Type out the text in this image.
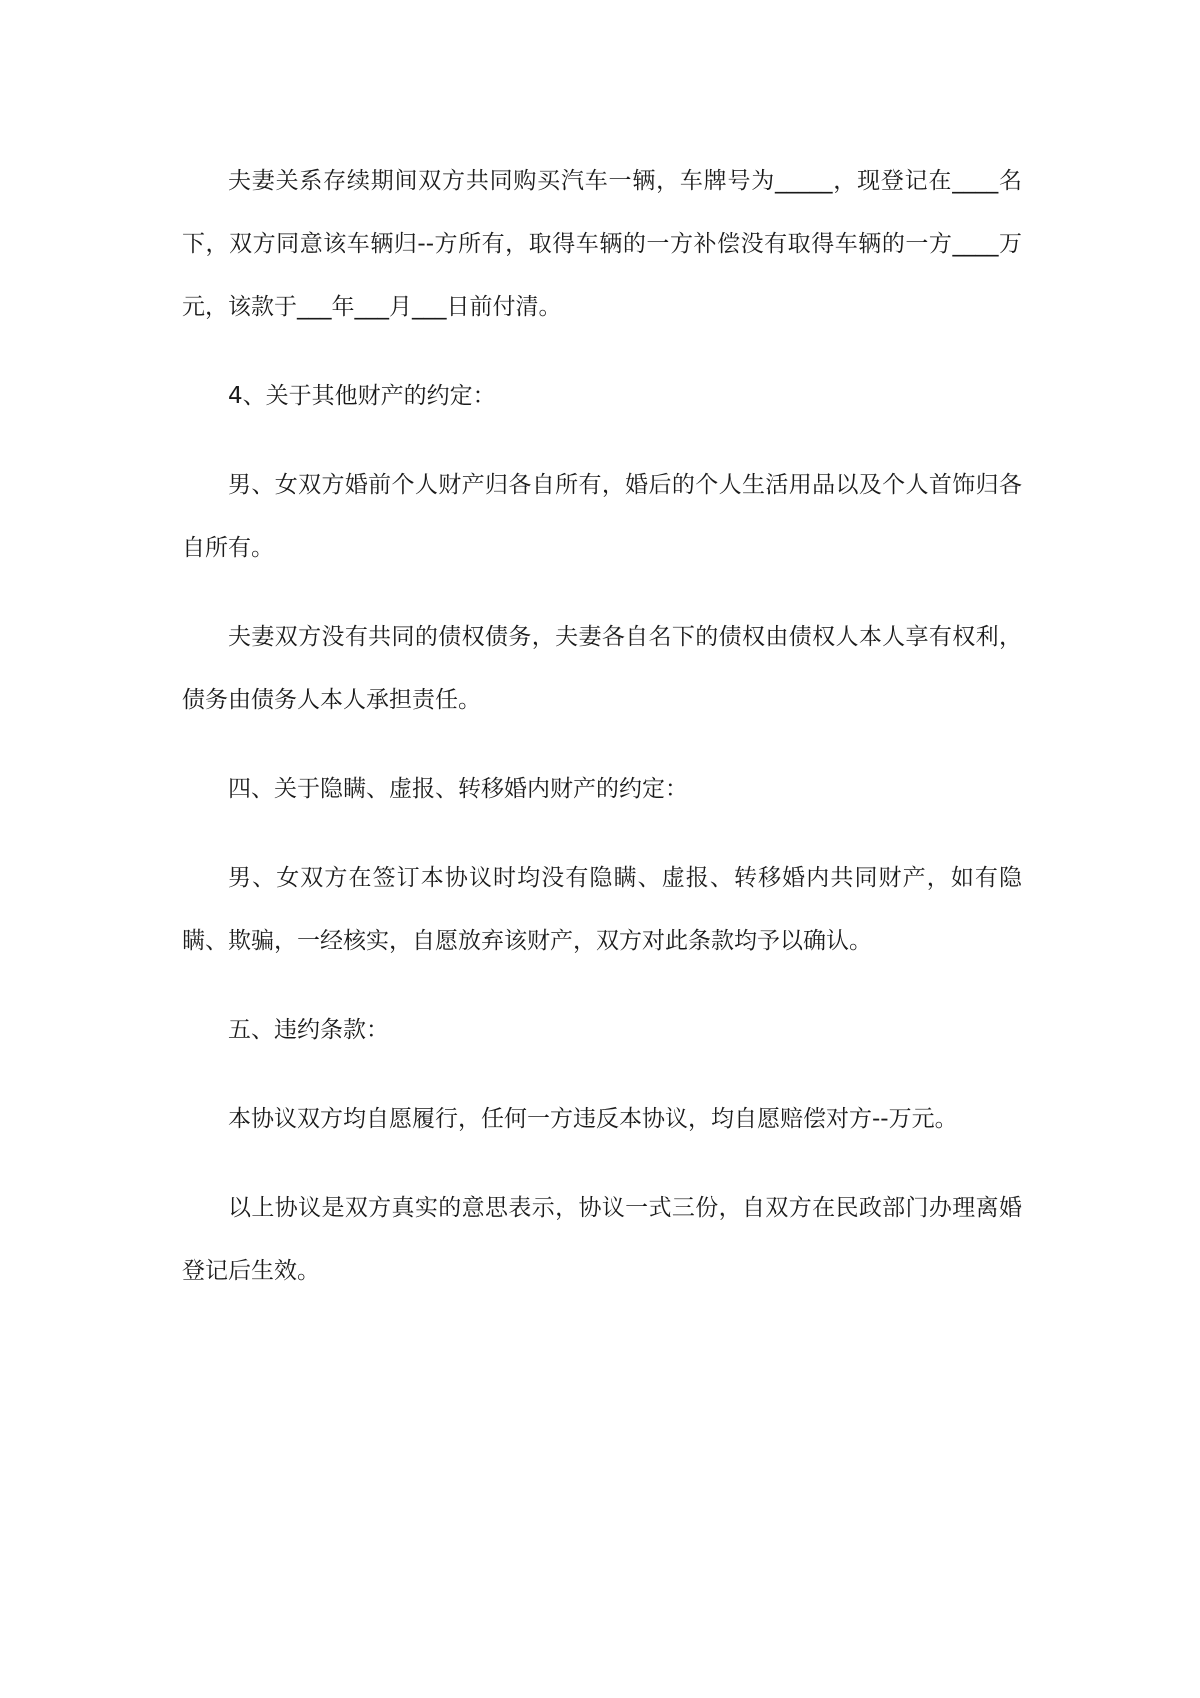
夫妻关系存续期间双方共同购买汽车一辆，车牌号为_____，现登记在____名下，双方同意该车辆归--方所有，取得车辆的一方补偿没有取得车辆的一方____万元，该款于___年___月___日前付清。

4、关于其他财产的约定：

男、女双方婚前个人财产归各自所有，婚后的个人生活用品以及个人首饰归各自所有。

夫妻双方没有共同的债权债务，夫妻各自名下的债权由债权人本人享有权利，债务由债务人本人承担责任。

四、关于隐瞒、虚报、转移婚内财产的约定：

男、女双方在签订本协议时均没有隐瞒、虚报、转移婚内共同财产，如有隐瞒、欺骗，一经核实，自愿放弃该财产，双方对此条款均予以确认。

五、违约条款：

本协议双方均自愿履行，任何一方违反本协议，均自愿赔偿对方--万元。

以上协议是双方真实的意思表示，协议一式三份，自双方在民政部门办理离婚登记后生效。
